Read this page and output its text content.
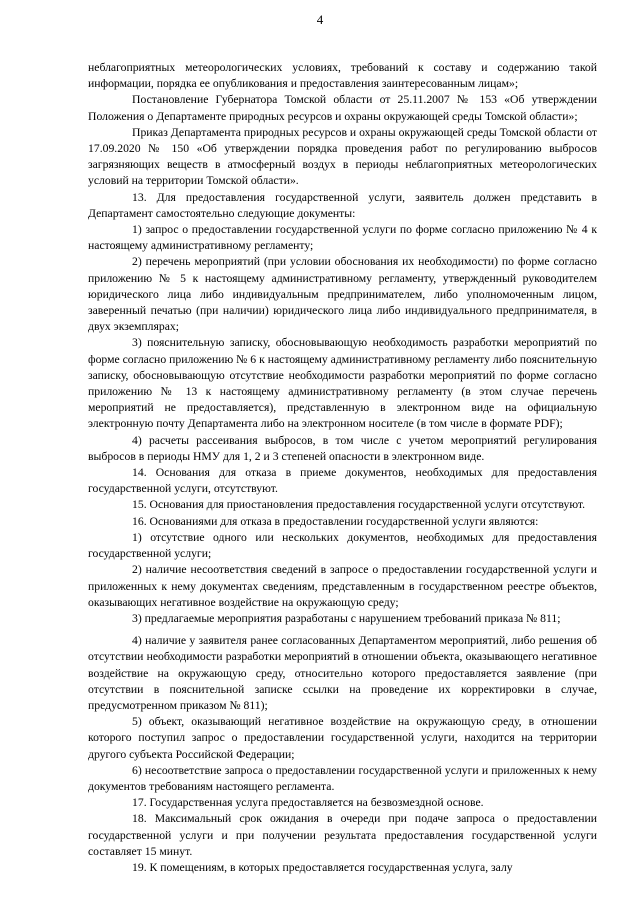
4

неблагоприятных метеорологических условиях, требований к составу и содержанию такой информации, порядка ее опубликования и предоставления заинтересованным лицам»;

Постановление Губернатора Томской области от 25.11.2007 № 153 «Об утверждении Положения о Департаменте природных ресурсов и охраны окружающей среды Томской области»;

Приказ Департамента природных ресурсов и охраны окружающей среды Томской области от 17.09.2020 № 150 «Об утверждении порядка проведения работ по регулированию выбросов загрязняющих веществ в атмосферный воздух в периоды неблагоприятных метеорологических условий на территории Томской области».

13. Для предоставления государственной услуги, заявитель должен представить в Департамент самостоятельно следующие документы:

1) запрос о предоставлении государственной услуги по форме согласно приложению № 4 к настоящему административному регламенту;

2) перечень мероприятий (при условии обоснования их необходимости) по форме согласно приложению № 5 к настоящему административному регламенту, утвержденный руководителем юридического лица либо индивидуальным предпринимателем, либо уполномоченным лицом, заверенный печатью (при наличии) юридического лица либо индивидуального предпринимателя, в двух экземплярах;

3) пояснительную записку, обосновывающую необходимость разработки мероприятий по форме согласно приложению № 6 к настоящему административному регламенту либо пояснительную записку, обосновывающую отсутствие необходимости разработки мероприятий по форме согласно приложению № 13 к настоящему административному регламенту (в этом случае перечень мероприятий не предоставляется), представленную в электронном виде на официальную электронную почту Департамента либо на электронном носителе (в том числе в формате PDF);

4) расчеты рассеивания выбросов, в том числе с учетом мероприятий регулирования выбросов в периоды НМУ для 1, 2 и 3 степеней опасности в электронном виде.

14. Основания для отказа в приеме документов, необходимых для предоставления государственной услуги, отсутствуют.

15. Основания для приостановления предоставления государственной услуги отсутствуют.

16. Основаниями для отказа в предоставлении государственной услуги являются:

1) отсутствие одного или нескольких документов, необходимых для предоставления государственной услуги;

2) наличие несоответствия сведений в запросе о предоставлении государственной услуги и приложенных к нему документах сведениям, представленным в государственном реестре объектов, оказывающих негативное воздействие на окружающую среду;

3) предлагаемые мероприятия разработаны с нарушением требований приказа № 811;

4) наличие у заявителя ранее согласованных Департаментом мероприятий, либо решения об отсутствии необходимости разработки мероприятий в отношении объекта, оказывающего негативное воздействие на окружающую среду, относительно которого предоставляется заявление (при отсутствии в пояснительной записке ссылки на проведение их корректировки в случае, предусмотренном приказом № 811);

5) объект, оказывающий негативное воздействие на окружающую среду, в отношении которого поступил запрос о предоставлении государственной услуги, находится на территории другого субъекта Российской Федерации;

6) несоответствие запроса о предоставлении государственной услуги и приложенных к нему документов требованиям настоящего регламента.

17. Государственная услуга предоставляется на безвозмездной основе.

18. Максимальный срок ожидания в очереди при подаче запроса о предоставлении государственной услуги и при получении результата предоставления государственной услуги составляет 15 минут.

19. К помещениям, в которых предоставляется государственная услуга, залу
